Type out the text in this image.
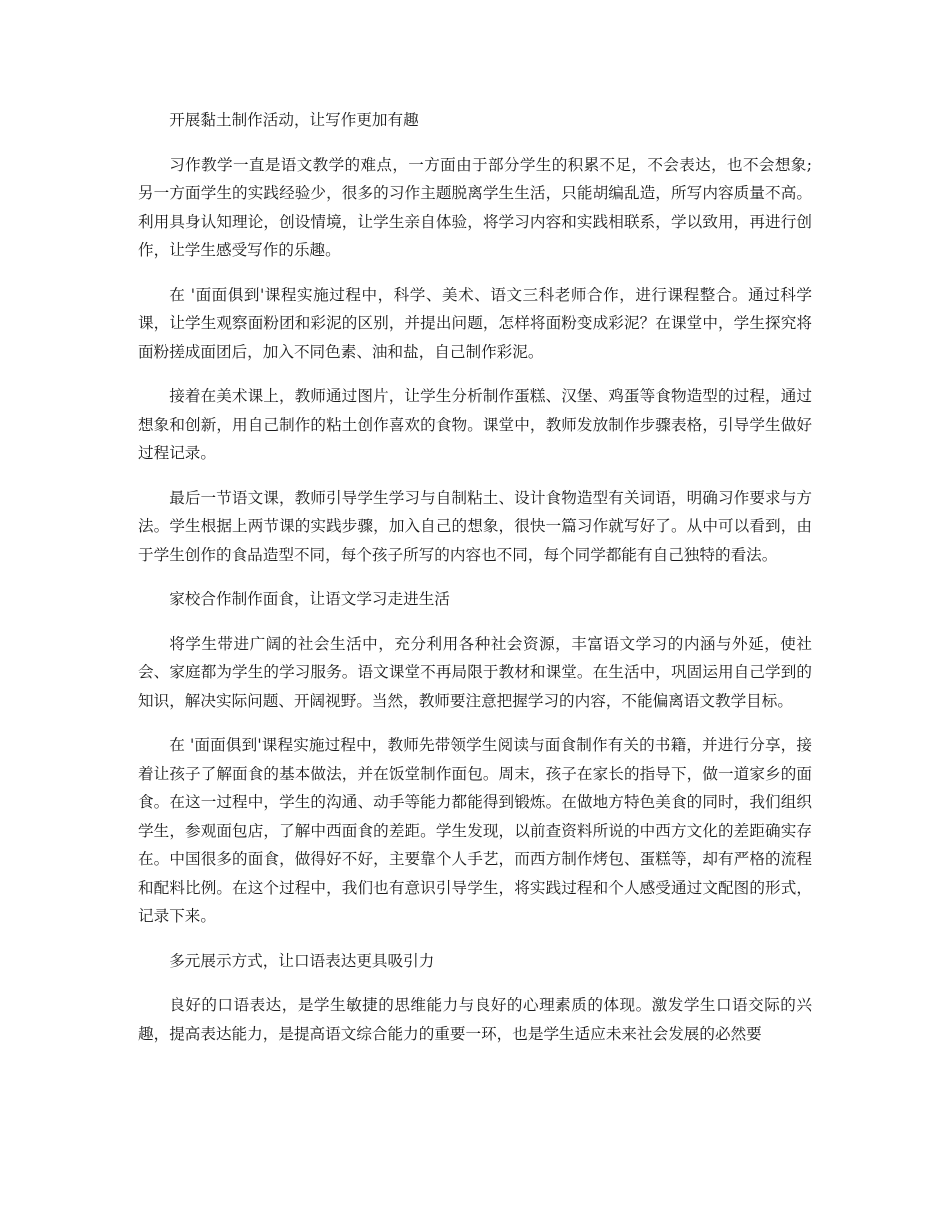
开展黏土制作活动，让写作更加有趣

习作教学一直是语文教学的难点，一方面由于部分学生的积累不足，不会表达，也不会想象;另一方面学生的实践经验少，很多的习作主题脱离学生生活，只能胡编乱造，所写内容质量不高。利用具身认知理论，创设情境，让学生亲自体验，将学习内容和实践相联系，学以致用，再进行创作，让学生感受写作的乐趣。

在 '面面俱到'课程实施过程中，科学、美术、语文三科老师合作，进行课程整合。通过科学课，让学生观察面粉团和彩泥的区别，并提出问题，怎样将面粉变成彩泥？在课堂中，学生探究将面粉搓成面团后，加入不同色素、油和盐，自己制作彩泥。

接着在美术课上，教师通过图片，让学生分析制作蛋糕、汉堡、鸡蛋等食物造型的过程，通过想象和创新，用自己制作的粘土创作喜欢的食物。课堂中，教师发放制作步骤表格，引导学生做好过程记录。

最后一节语文课，教师引导学生学习与自制粘土、设计食物造型有关词语，明确习作要求与方法。学生根据上两节课的实践步骤，加入自己的想象，很快一篇习作就写好了。从中可以看到，由于学生创作的食品造型不同，每个孩子所写的内容也不同，每个同学都能有自己独特的看法。

家校合作制作面食，让语文学习走进生活

将学生带进广阔的社会生活中，充分利用各种社会资源，丰富语文学习的内涵与外延，使社会、家庭都为学生的学习服务。语文课堂不再局限于教材和课堂。在生活中，巩固运用自己学到的知识，解决实际问题、开阔视野。当然，教师要注意把握学习的内容，不能偏离语文教学目标。

在 '面面俱到'课程实施过程中，教师先带领学生阅读与面食制作有关的书籍，并进行分享，接着让孩子了解面食的基本做法，并在饭堂制作面包。周末，孩子在家长的指导下，做一道家乡的面食。在这一过程中，学生的沟通、动手等能力都能得到锻炼。在做地方特色美食的同时，我们组织学生，参观面包店，了解中西面食的差距。学生发现，以前查资料所说的中西方文化的差距确实存在。中国很多的面食，做得好不好，主要靠个人手艺，而西方制作烤包、蛋糕等，却有严格的流程和配料比例。在这个过程中，我们也有意识引导学生，将实践过程和个人感受通过文配图的形式，记录下来。

多元展示方式，让口语表达更具吸引力

良好的口语表达，是学生敏捷的思维能力与良好的心理素质的体现。激发学生口语交际的兴趣，提高表达能力，是提高语文综合能力的重要一环，也是学生适应未来社会发展的必然要
